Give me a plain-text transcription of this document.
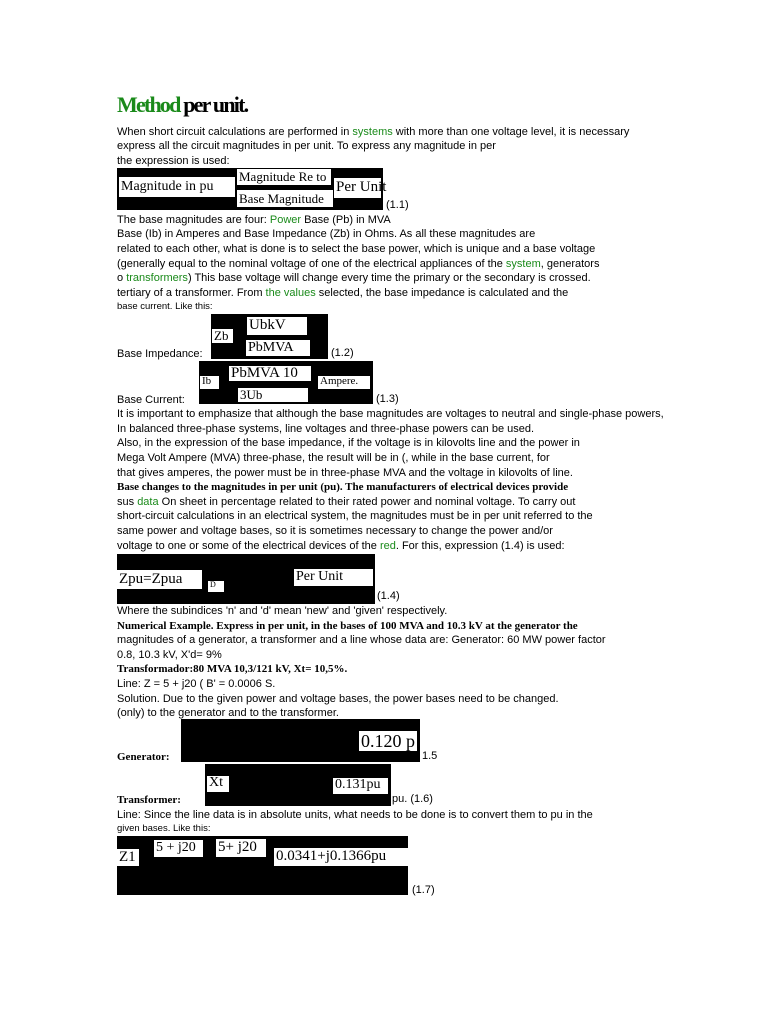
Method per unit.
When short circuit calculations are performed in systems with more than one voltage level, it is necessary
express all the circuit magnitudes in per unit. To express any magnitude in per
the expression is used:
Magnitude in pu
Magnitude Re to
Base Magnitude
Per Unit
(1.1)
The base magnitudes are four: Power Base (Pb) in MVA
Base (Ib) in Amperes and Base Impedance (Zb) in Ohms. As all these magnitudes are
related to each other, what is done is to select the base power, which is unique and a base voltage
(generally equal to the nominal voltage of one of the electrical appliances of the system, generators
o transformers) This base voltage will change every time the primary or the secondary is crossed.
tertiary of a transformer. From the values selected, the base impedance is calculated and the
base current. Like this:
Base Impedance:
Zb
UbkV
PbMVA	(1.2)
Base Current:
Ib	PbMVA 10
3Ub
Ampere.
(1.3)
It is important to emphasize that although the base magnitudes are voltages to neutral and single-phase powers,
In balanced three-phase systems, line voltages and three-phase powers can be used.
Also, in the expression of the base impedance, if the voltage is in kilovolts line and the power in
Mega Volt Ampere (MVA) three-phase, the result will be in (, while in the base current, for
that gives amperes, the power must be in three-phase MVA and the voltage in kilovolts of line.
Base changes to the magnitudes in per unit (pu). The manufacturers of electrical devices provide
sus data On sheet in percentage related to their rated power and nominal voltage. To carry out
short-circuit calculations in an electrical system, the magnitudes must be in per unit referred to the
same power and voltage bases, so it is sometimes necessary to change the power and/or
voltage to one or some of the electrical devices of the red. For this, expression (1.4) is used:
Zpu=Zpua	D
Per Unit
(1.4)
Where the subindices 'n' and 'd' mean 'new' and 'given' respectively.
Numerical Example. Express in per unit, in the bases of 100 MVA and 10.3 kV at the generator the
magnitudes of a generator, a transformer and a line whose data are: Generator: 60 MW power factor
0.8, 10.3 kV, X'd= 9%
Transformador:80 MVA 10,3/121 kV, Xt= 10,5%.
Line: Z = 5 + j20 ( B' = 0.0006 S.
Solution. Due to the given power and voltage bases, the power bases need to be changed.
(only) to the generator and to the transformer.
Generator:
0.120 p
1.5
Transformer:
Xt	0.131pu
pu. (1.6)
Line: Since the line data is in absolute units, what needs to be done is to convert them to pu in the
given bases. Like this:
Z1
5 + j20	5+ j20
0.0341+j0.1366pu
(1.7)
